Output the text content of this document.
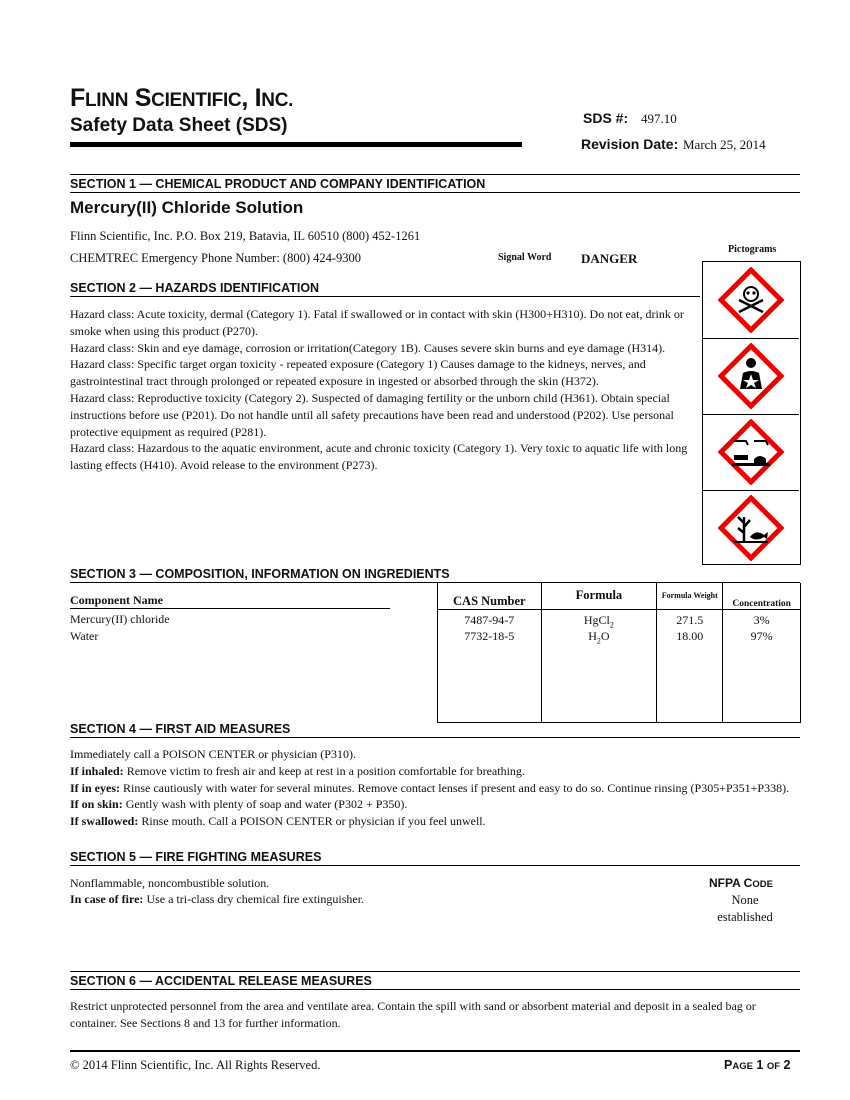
FLINN SCIENTIFIC, INC.
Safety Data Sheet (SDS)	SDS #: 497.10
Revision Date: March 25, 2014
SECTION 1 — CHEMICAL PRODUCT AND COMPANY IDENTIFICATION
Mercury(II) Chloride Solution
Flinn Scientific, Inc. P.O. Box 219, Batavia, IL 60510 (800) 452-1261
CHEMTREC Emergency Phone Number: (800) 424-9300	Signal Word DANGER
Pictograms
SECTION 2 — HAZARDS IDENTIFICATION

Hazard class: Acute toxicity, dermal (Category 1). Fatal if swallowed or in contact with skin (H300+H310). Do not eat, drink or smoke when using this product (P270).

Hazard class: Skin and eye damage, corrosion or irritation(Category 1B). Causes severe skin burns and eye damage (H314).

Hazard class: Specific target organ toxicity - repeated exposure (Category 1) Causes damage to the kidneys, nerves, and gastrointestinal tract through prolonged or repeated exposure in ingested or absorbed through the skin (H372).

Hazard class: Reproductive toxicity (Category 2). Suspected of damaging fertility or the unborn child (H361). Obtain special instructions before use (P201). Do not handle until all safety precautions have been read and understood (P202). Use personal protective equipment as required (P281).

Hazard class: Hazardous to the aquatic environment, acute and chronic toxicity (Category 1). Very toxic to aquatic life with long lasting effects (H410). Avoid release to the environment (P273).

SECTION 3 — COMPOSITION, INFORMATION ON INGREDIENTS
Component Name	CAS Number	Formula	Formula Weight	Concentration
Mercury(II) chloride	7487-94-7	HgCl$_2$	271.5	3%
Water	7732-18-5	$H_2O$	18.00	97%
SECTION 4 — FIRST AID MEASURES

Immediately call a POISON CENTER or physician (P310).

If inhaled: Remove victim to fresh air and keep at rest in a position comfortable for breathing.

If in eyes: Rinse cautiously with water for several minutes. Remove contact lenses if present and easy to do so. Continue rinsing (P305+P351+P338).

If on skin: Gently wash with plenty of soap and water (P302 + P350).

If swallowed: Rinse mouth. Call a POISON CENTER or physician if you feel unwell.

SECTION 5 — FIRE FIGHTING MEASURES
Nonflammable, noncombustible solution.
In case of fire: Use a tri-class dry chemical fire extinguisher.
NFPA CODE
None
established
SECTION 6 — ACCIDENTAL RELEASE MEASURES
Restrict unprotected personnel from the area and ventilate area. Contain the spill with sand or absorbent material and deposit in a sealed bag or container. See Sections 8 and 13 for further information.
© 2014 Flinn Scientific, Inc. All Rights Reserved.	PAGE 1 OF 2
